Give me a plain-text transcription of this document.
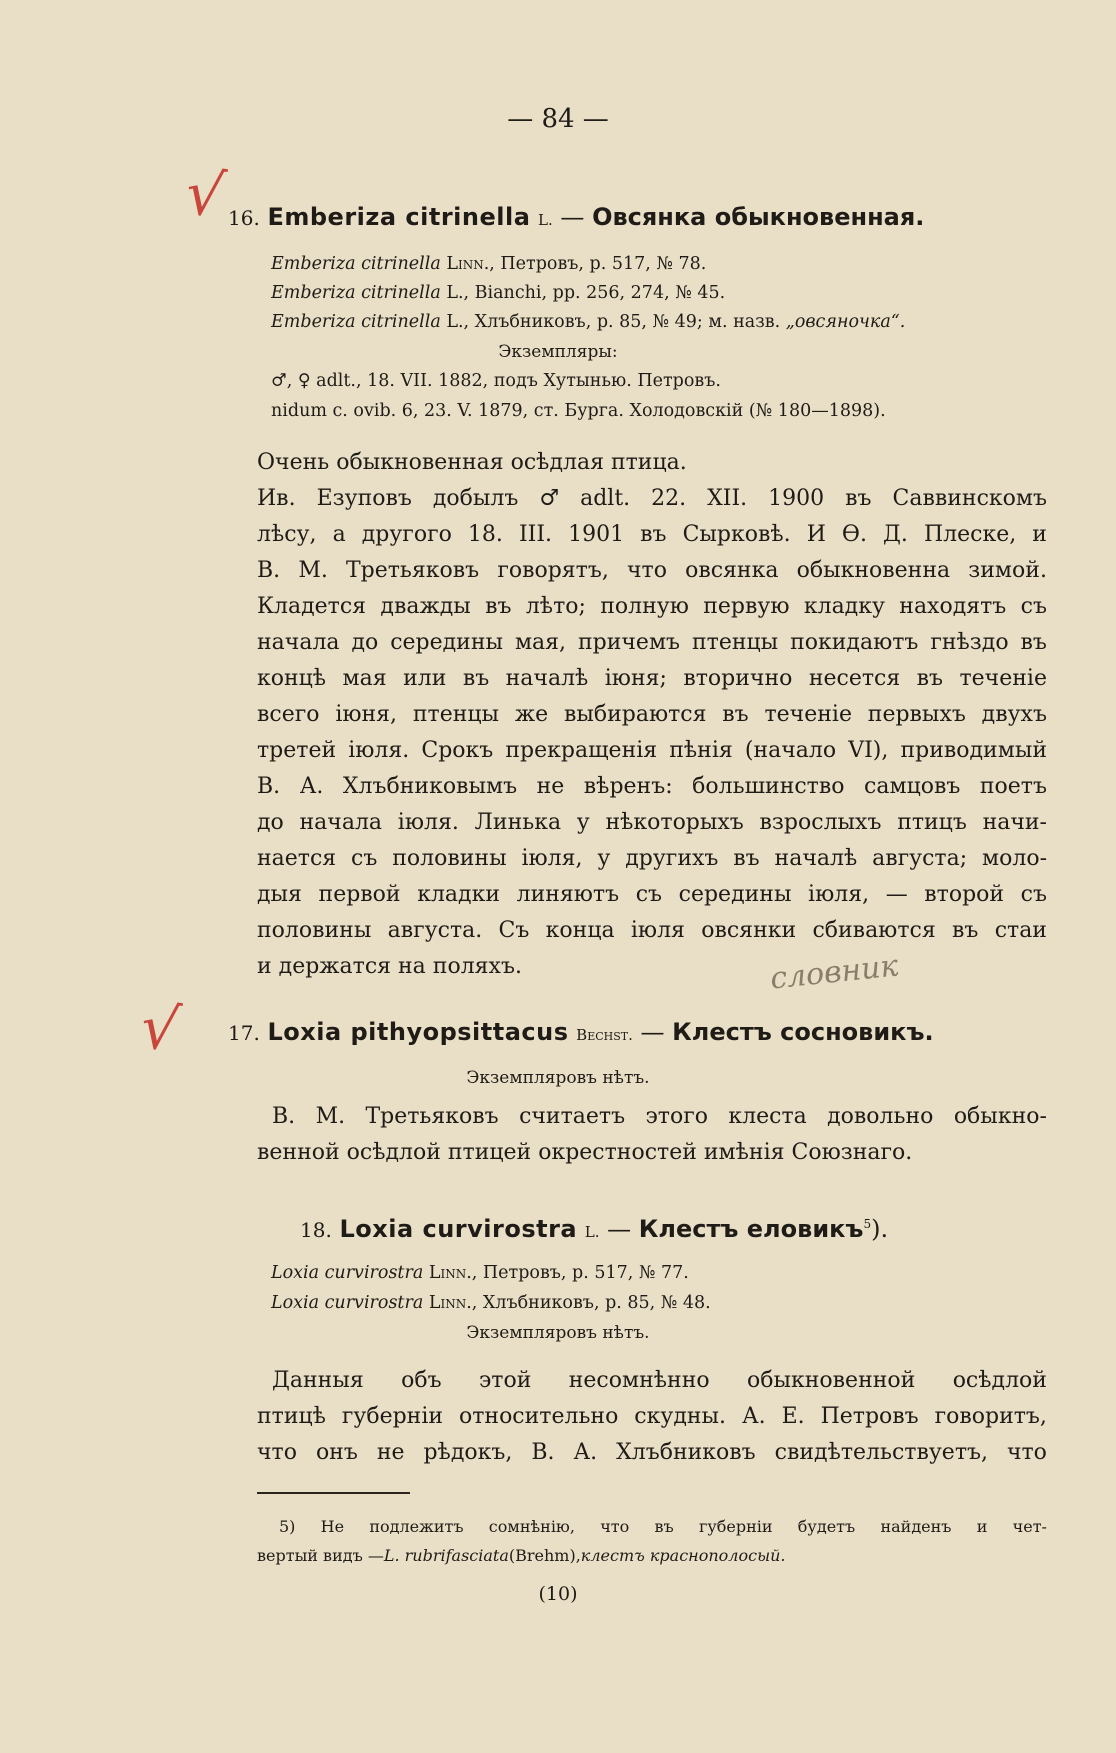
— 84 —
√
√
словник
16. Emberiza citrinella L. — Овсянка обыкновенная.
Emberiza citrinella Linn., Петровъ, р. 517, № 78.
Emberiza citrinella L., Bianchi, pp. 256, 274, № 45.
Emberiza citrinella L., Хлъбниковъ, р. 85, № 49; м. назв. „овсяночка“.
Экземпляры:
♂, ♀ adlt., 18. VII. 1882, подъ Хутынью. Петровъ.
nidum c. ovib. 6, 23. V. 1879, ст. Бурга. Холодовскій (№ 180—1898).
Очень обыкновенная осѣдлая птица.
Ив. Езуповъ добылъ ♂ adlt. 22. XII. 1900 въ Саввинскомъ
лѣсу, а другого 18. III. 1901 въ Сырковѣ. И Ѳ. Д. Плеске, и
В. М. Третьяковъ говорятъ, что овсянка обыкновенна зимой.
Кладется дважды въ лѣто; полную первую кладку находятъ съ
начала до середины мая, причемъ птенцы покидаютъ гнѣздо въ
концѣ мая или въ началѣ іюня; вторично несется въ теченіе
всего іюня, птенцы же выбираются въ теченіе первыхъ двухъ
третей іюля. Срокъ прекращенія пѣнія (начало VI), приводимый
В. А. Хлъбниковымъ не вѣренъ: большинство самцовъ поетъ
до начала іюля. Линька у нѣкоторыхъ взрослыхъ птицъ начи-
нается съ половины іюля, у другихъ въ началѣ августа; моло-
дыя первой кладки линяютъ съ середины іюля, — второй съ
половины августа. Съ конца іюля овсянки сбиваются въ стаи
и держатся на поляхъ.
17. Loxia pithyopsittacus Bechst. — Клестъ сосновикъ.
Экземпляровъ нѣтъ.
В. М. Третьяковъ считаетъ этого клеста довольно обыкно-
венной осѣдлой птицей окрестностей имѣнія Союзнаго.
18. Loxia curvirostra L. — Клестъ еловикъ$^5$).
Loxia curvirostra Linn., Петровъ, р. 517, № 77.
Loxia curvirostra Linn., Хлъбниковъ, р. 85, № 48.
Экземпляровъ нѣтъ.
Данныя объ этой несомнѣнно обыкновенной осѣдлой
птицѣ губерніи относительно скудны. А. Е. Петровъ говоритъ,
что онъ не рѣдокъ, В. А. Хлъбниковъ свидѣтельствуетъ, что
5) Не подлежитъ сомнѣнію, что въ губерніи будетъ найденъ и чет-
вертый видъ — L. rubrifasciata (Brehm), клестъ краснополосый.
(10)
